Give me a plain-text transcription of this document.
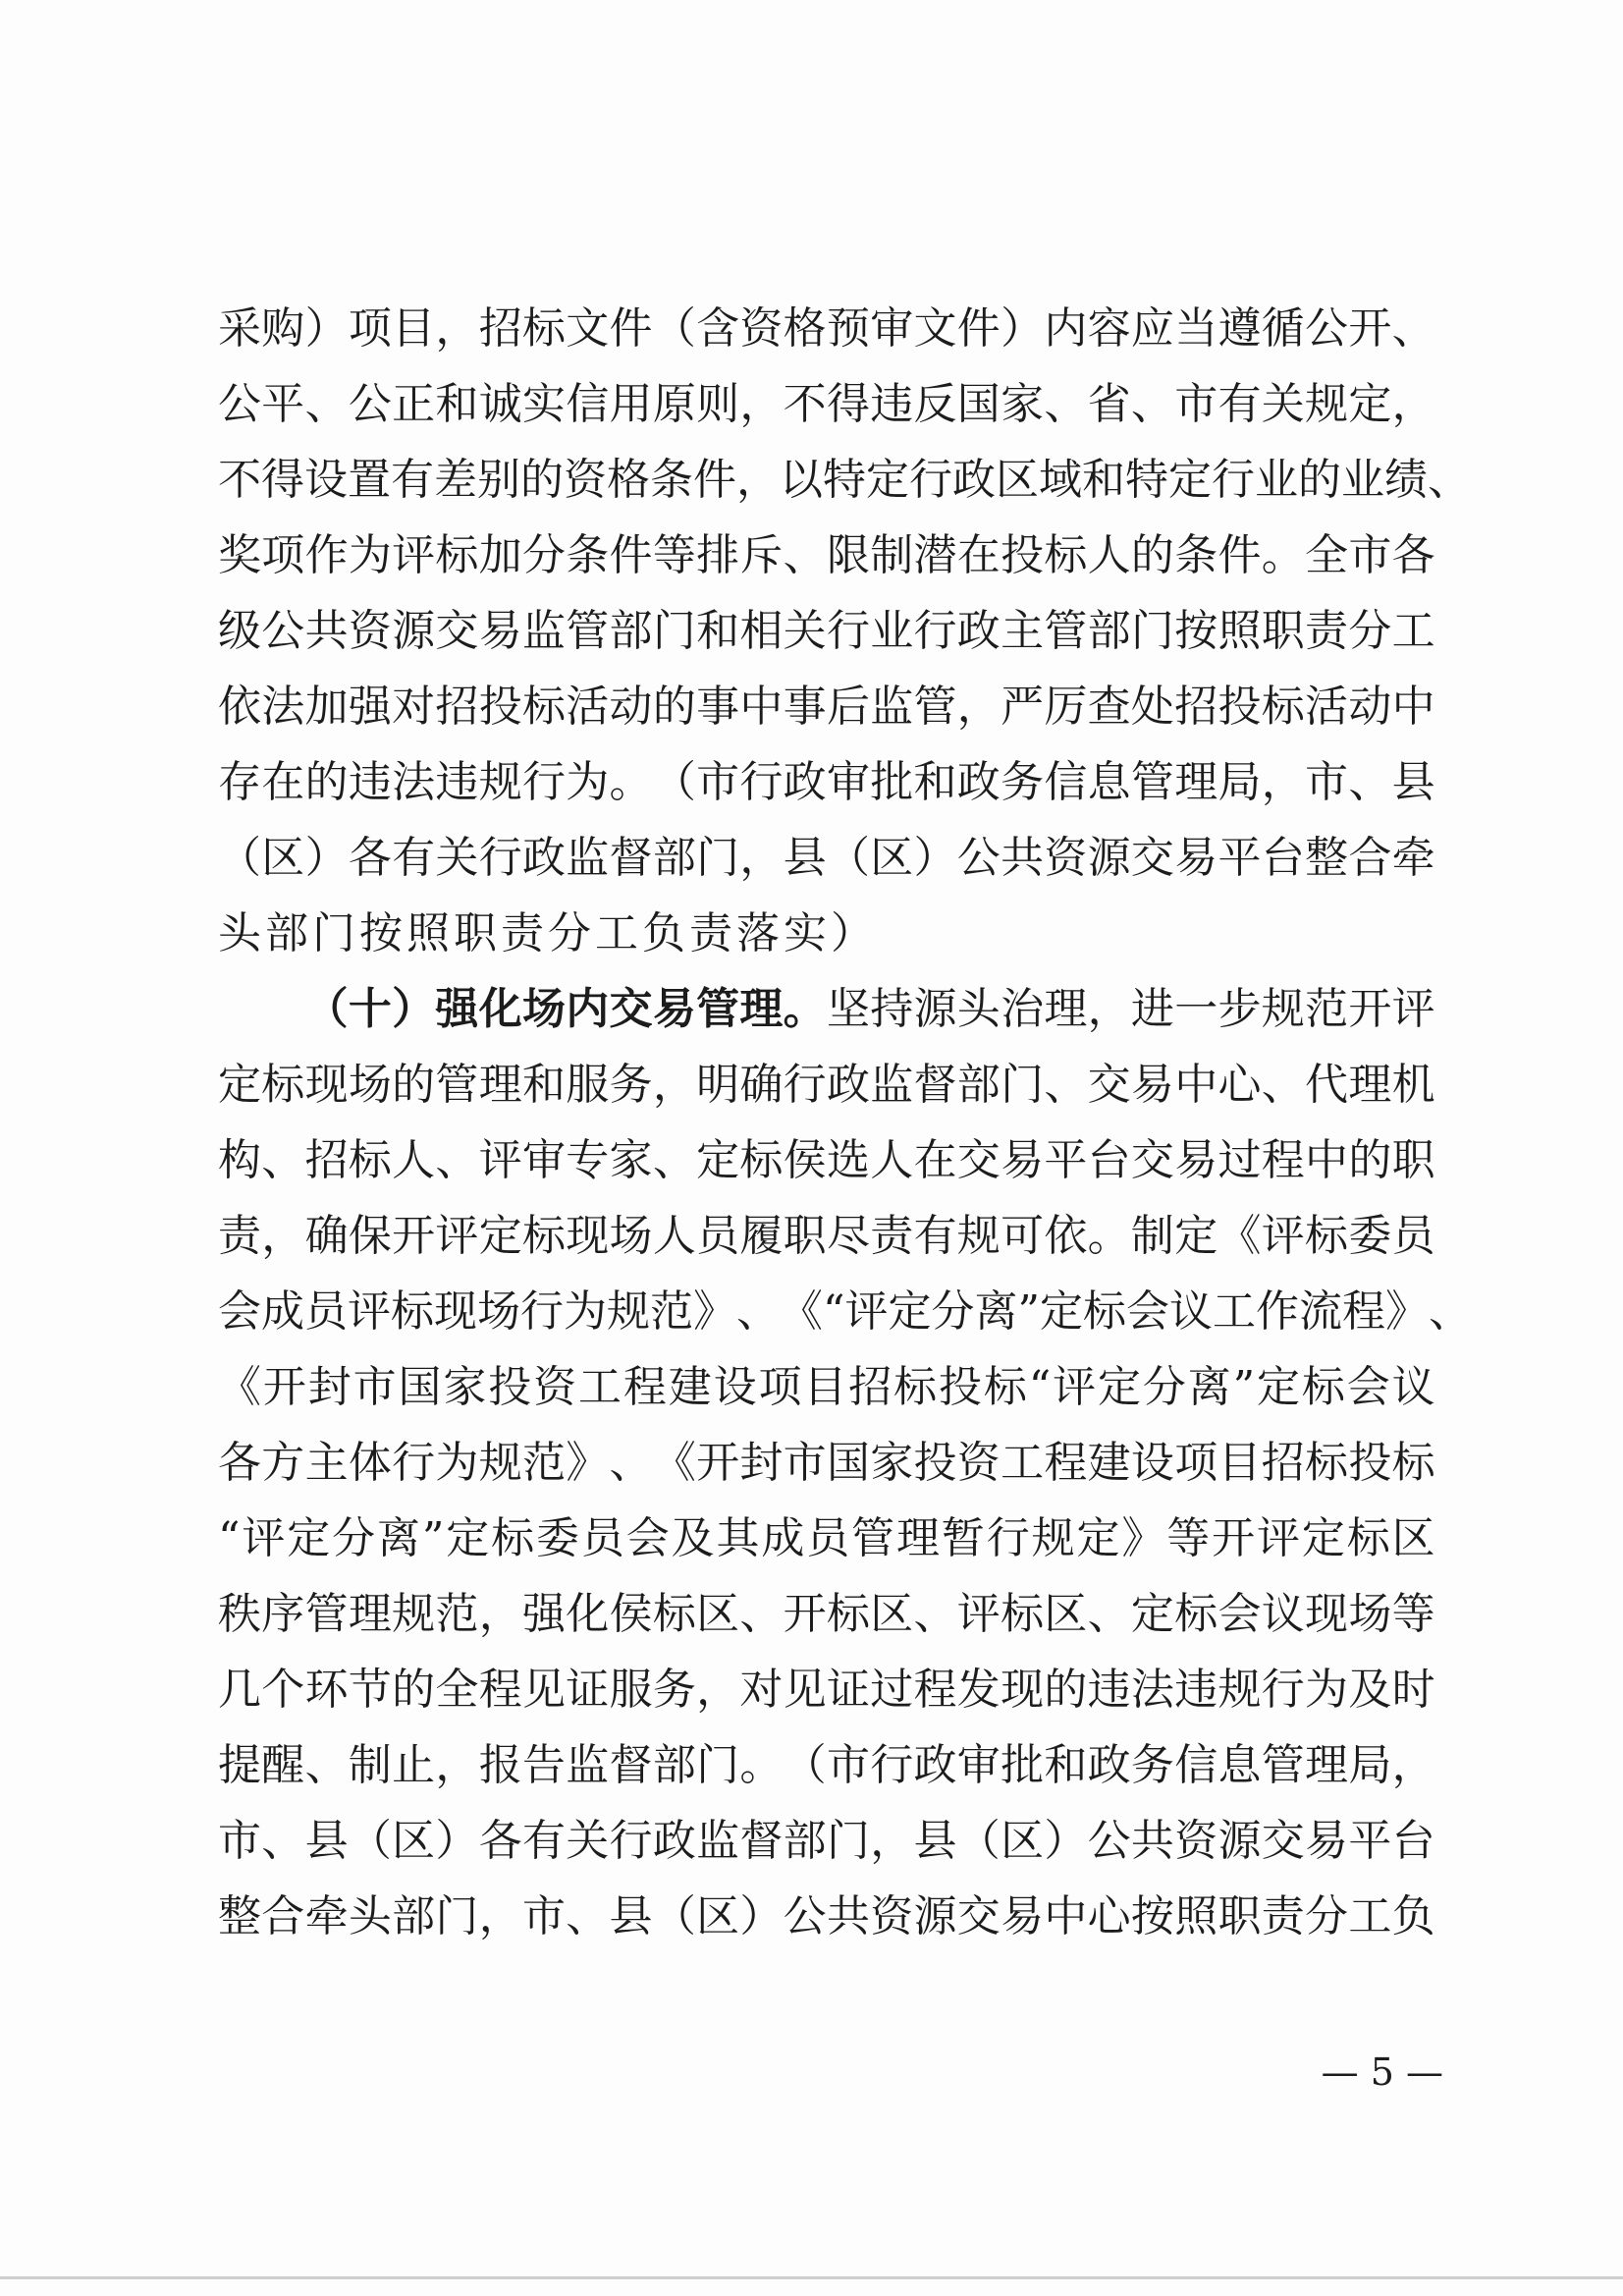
采 购 ） 项 目 ， 招 标 文 件 （ 含 资 格 预 审 文 件 ） 内 容 应 当 遵 循 公 开 、
公 平 、 公 正 和 诚 实 信 用 原 则 ， 不 得 违 反 国 家 、 省 、 市 有 关 规 定 ，
不 得 设 置 有 差 别 的 资 格 条 件 ， 以 特 定 行 政 区 域 和 特 定 行 业 的 业 绩 、
奖 项 作 为 评 标 加 分 条 件 等 排 斥 、 限 制 潜 在 投 标 人 的 条 件 。 全 市 各
级 公 共 资 源 交 易 监 管 部 门 和 相 关 行 业 行 政 主 管 部 门 按 照 职 责 分 工
依 法 加 强 对 招 投 标 活 动 的 事 中 事 后 监 管 ， 严 厉 查 处 招 投 标 活 动 中
存 在 的 违 法 违 规 行 为 。 （ 市 行 政 审 批 和 政 务 信 息 管 理 局 ， 市 、 县
（ 区 ） 各 有 关 行 政 监 督 部 门 ， 县 （ 区 ） 公 共 资 源 交 易 平 台 整 合 牵
头 部 门 按 照 职 责 分 工 负 责 落 实 ）

（ 十 ） 强 化 场 内 交 易 管 理 。 坚 持 源 头 治 理 ， 进 一 步 规 范 开 评
定 标 现 场 的 管 理 和 服 务 ， 明 确 行 政 监 督 部 门 、 交 易 中 心 、 代 理 机
构 、 招 标 人 、 评 审 专 家 、 定 标 侯 选 人 在 交 易 平 台 交 易 过 程 中 的 职
责 ， 确 保 开 评 定 标 现 场 人 员 履 职 尽 责 有 规 可 依 。 制 定 《 评 标 委 员
会 成 员 评 标 现 场 行 为 规 范 》 、 《 “ 评 定 分 离 ” 定 标 会 议 工 作 流 程 》 、
《 开 封 市 国 家 投 资 工 程 建 设 项 目 招 标 投 标 “ 评 定 分 离 ” 定 标 会 议
各 方 主 体 行 为 规 范 》 、 《 开 封 市 国 家 投 资 工 程 建 设 项 目 招 标 投 标
“ 评 定 分 离 ” 定 标 委 员 会 及 其 成 员 管 理 暂 行 规 定 》 等 开 评 定 标 区
秩 序 管 理 规 范 ， 强 化 侯 标 区 、 开 标 区 、 评 标 区 、 定 标 会 议 现 场 等
几 个 环 节 的 全 程 见 证 服 务 ， 对 见 证 过 程 发 现 的 违 法 违 规 行 为 及 时
提 醒 、 制 止 ， 报 告 监 督 部 门 。 （ 市 行 政 审 批 和 政 务 信 息 管 理 局 ，
市 、 县 （ 区 ） 各 有 关 行 政 监 督 部 门 ， 县 （ 区 ） 公 共 资 源 交 易 平 台
整 合 牵 头 部 门 ， 市 、 县 （ 区 ） 公 共 资 源 交 易 中 心 按 照 职 责 分 工 负
— 5 —
